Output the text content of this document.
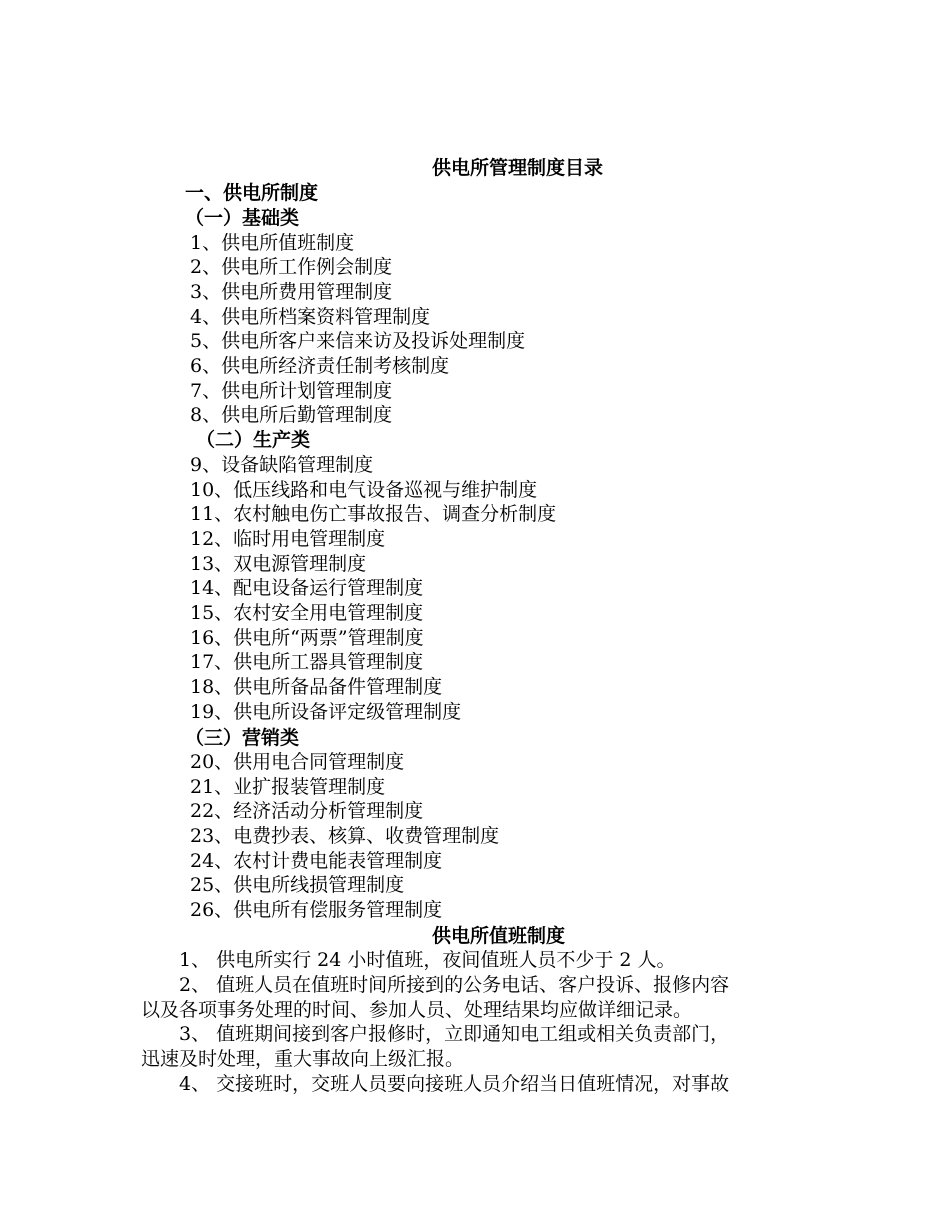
供电所管理制度目录
一、供电所制度
（一）基础类
1、供电所值班制度
2、供电所工作例会制度
3、供电所费用管理制度
4、供电所档案资料管理制度
5、供电所客户来信来访及投诉处理制度
6、供电所经济责任制考核制度
7、供电所计划管理制度
8、供电所后勤管理制度
（二）生产类
9、设备缺陷管理制度
10、低压线路和电气设备巡视与维护制度
11、农村触电伤亡事故报告、调查分析制度
12、临时用电管理制度
13、双电源管理制度
14、配电设备运行管理制度
15、农村安全用电管理制度
16、供电所“两票”管理制度
17、供电所工器具管理制度
18、供电所备品备件管理制度
19、供电所设备评定级管理制度
（三）营销类
20、供用电合同管理制度
21、业扩报装管理制度
22、经济活动分析管理制度
23、电费抄表、核算、收费管理制度
24、农村计费电能表管理制度
25、供电所线损管理制度
26、供电所有偿服务管理制度
供电所值班制度
　　1、 供电所实行 24 小时值班，夜间值班人员不少于 2 人。
　　2、 值班人员在值班时间所接到的公务电话、客户投诉、报修内容
以及各项事务处理的时间、参加人员、处理结果均应做详细记录。
　　3、 值班期间接到客户报修时，立即通知电工组或相关负责部门，
迅速及时处理，重大事故向上级汇报。
　　4、 交接班时，交班人员要向接班人员介绍当日值班情况，对事故
